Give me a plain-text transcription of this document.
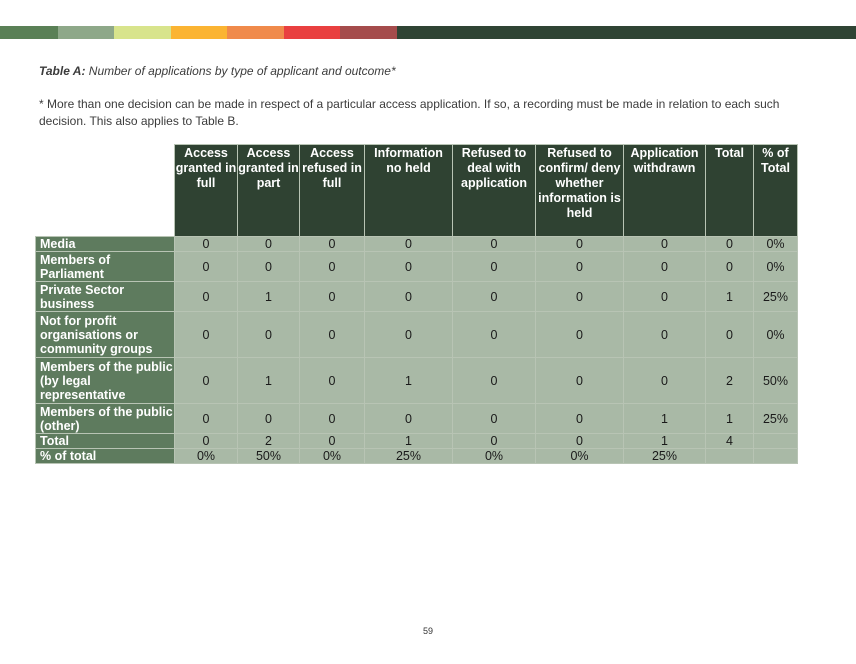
Table A: Number of applications by type of applicant and outcome*
* More than one decision can be made in respect of a particular access application. If so, a recording must be made in relation to each such decision. This also applies to Table B.
	Access granted in full	Access granted in part	Access refused in full	Information no held	Refused to deal with application	Refused to confirm/ deny whether information is held	Application withdrawn	Total	% of Total
Media	0	0	0	0	0	0	0	0	0%
Members of Parliament	0	0	0	0	0	0	0	0	0%
Private Sector business	0	1	0	0	0	0	0	1	25%
Not for profit organisations or community groups	0	0	0	0	0	0	0	0	0%
Members of the public (by legal representative	0	1	0	1	0	0	0	2	50%
Members of the public (other)	0	0	0	0	0	0	1	1	25%
Total	0	2	0	1	0	0	1	4	
% of total	0%	50%	0%	25%	0%	0%	25%		
59
